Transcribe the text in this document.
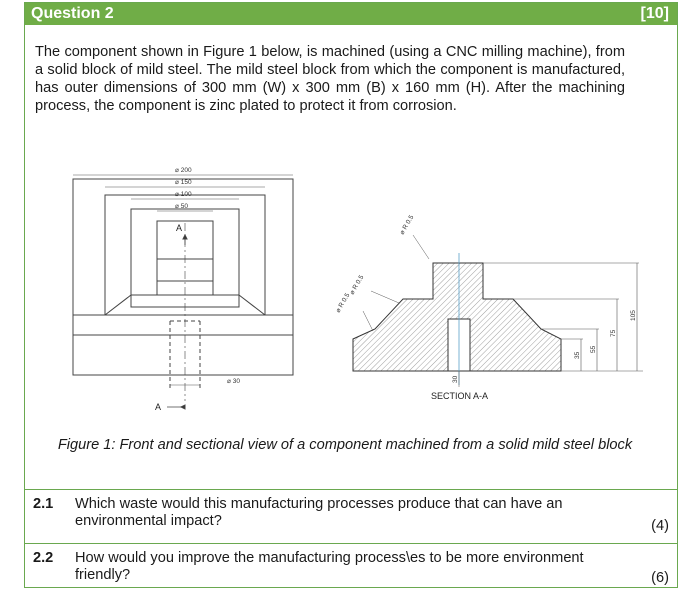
Question 2	[10]

The component shown in Figure 1 below, is machined (using a CNC milling machine), from a solid block of mild steel. The mild steel block from which the component is manufactured, has outer dimensions of 300 mm (W) x 300 mm (B) x 160 mm (H). After the machining process, the component is zinc plated to protect it from corrosion.

⌀ 200
⌀ 150
⌀ 100
⌀ 50
⌀ 30
A
A
⌀ R 0.5
⌀ R 0.5
⌀ R 0.5
105
75
55
35
30
SECTION A-A

Figure 1: Front and sectional view of a component machined from a solid mild steel block

2.1 Which waste would this manufacturing processes produce that can have an environmental impact?	(4)
2.2 How would you improve the manufacturing process\es to be more environment friendly?	(6)
